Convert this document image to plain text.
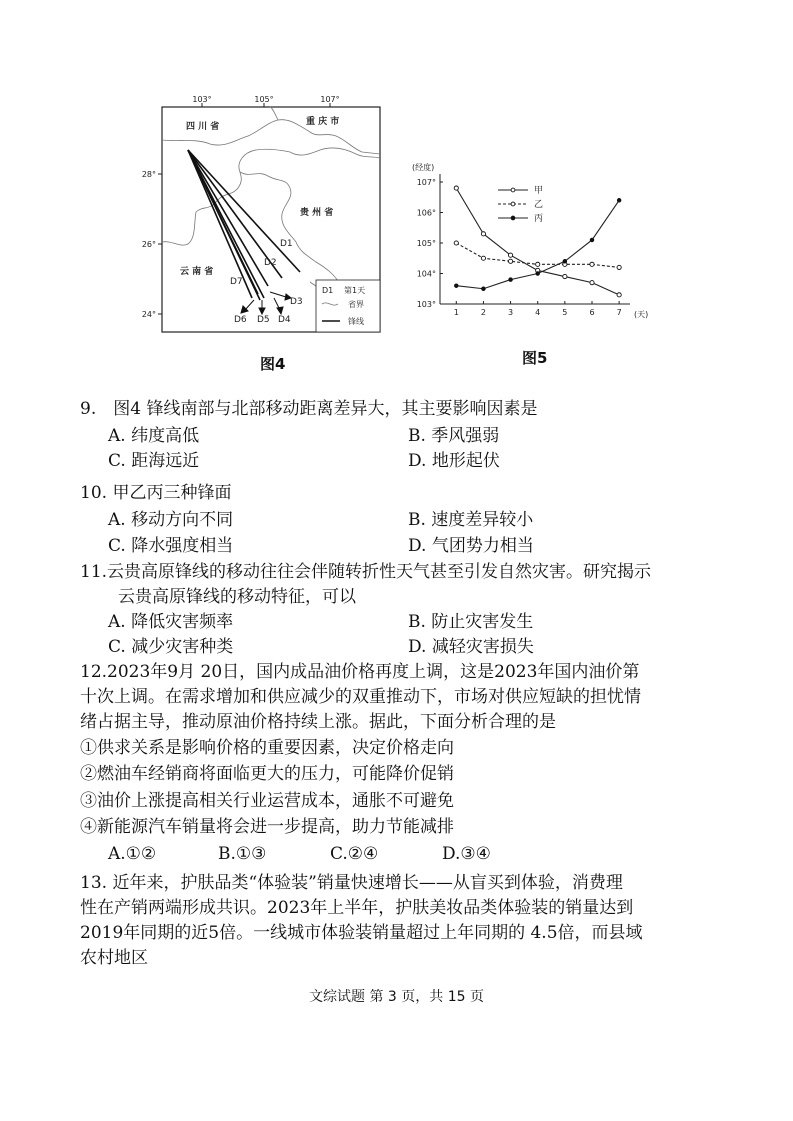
103°	105°	107°
28°
26°
24°
四 川 省	重 庆 市
贵 州 省
云 南 省
D1
D2
D3
D4
D5
D6
D7
D1 第1天
省界
锋线
图4
(经度)
(天)
103°
104°
105°
106°
107°
1	2	3	4	5	6	7
甲
乙
丙
图5
9.　图4 锋线南部与北部移动距离差异大，其主要影响因素是
A. 纬度高低	B. 季风强弱
C. 距海远近	D. 地形起伏
10. 甲乙丙三种锋面
A. 移动方向不同	B. 速度差异较小
C. 降水强度相当	D. 气团势力相当
11.云贵高原锋线的移动往往会伴随转折性天气甚至引发自然灾害。研究揭示
云贵高原锋线的移动特征，可以
A. 降低灾害频率	B. 防止灾害发生
C. 减少灾害种类	D. 减轻灾害损失
12.2023年9月 20日，国内成品油价格再度上调，这是2023年国内油价第
十次上调。在需求增加和供应减少的双重推动下，市场对供应短缺的担忧情
绪占据主导，推动原油价格持续上涨。据此，下面分析合理的是
①供求关系是影响价格的重要因素，决定价格走向
②燃油车经销商将面临更大的压力，可能降价促销
③油价上涨提高相关行业运营成本，通胀不可避免
④新能源汽车销量将会进一步提高，助力节能减排
A.①②	B.①③	C.②④	D.③④
13. 近年来，护肤品类“体验装”销量快速增长——从盲买到体验，消费理
性在产销两端形成共识。2023年上半年，护肤美妆品类体验装的销量达到
2019年同期的近5倍。一线城市体验装销量超过上年同期的 4.5倍，而县域
农村地区
文综试题 第 3 页，共 15 页
